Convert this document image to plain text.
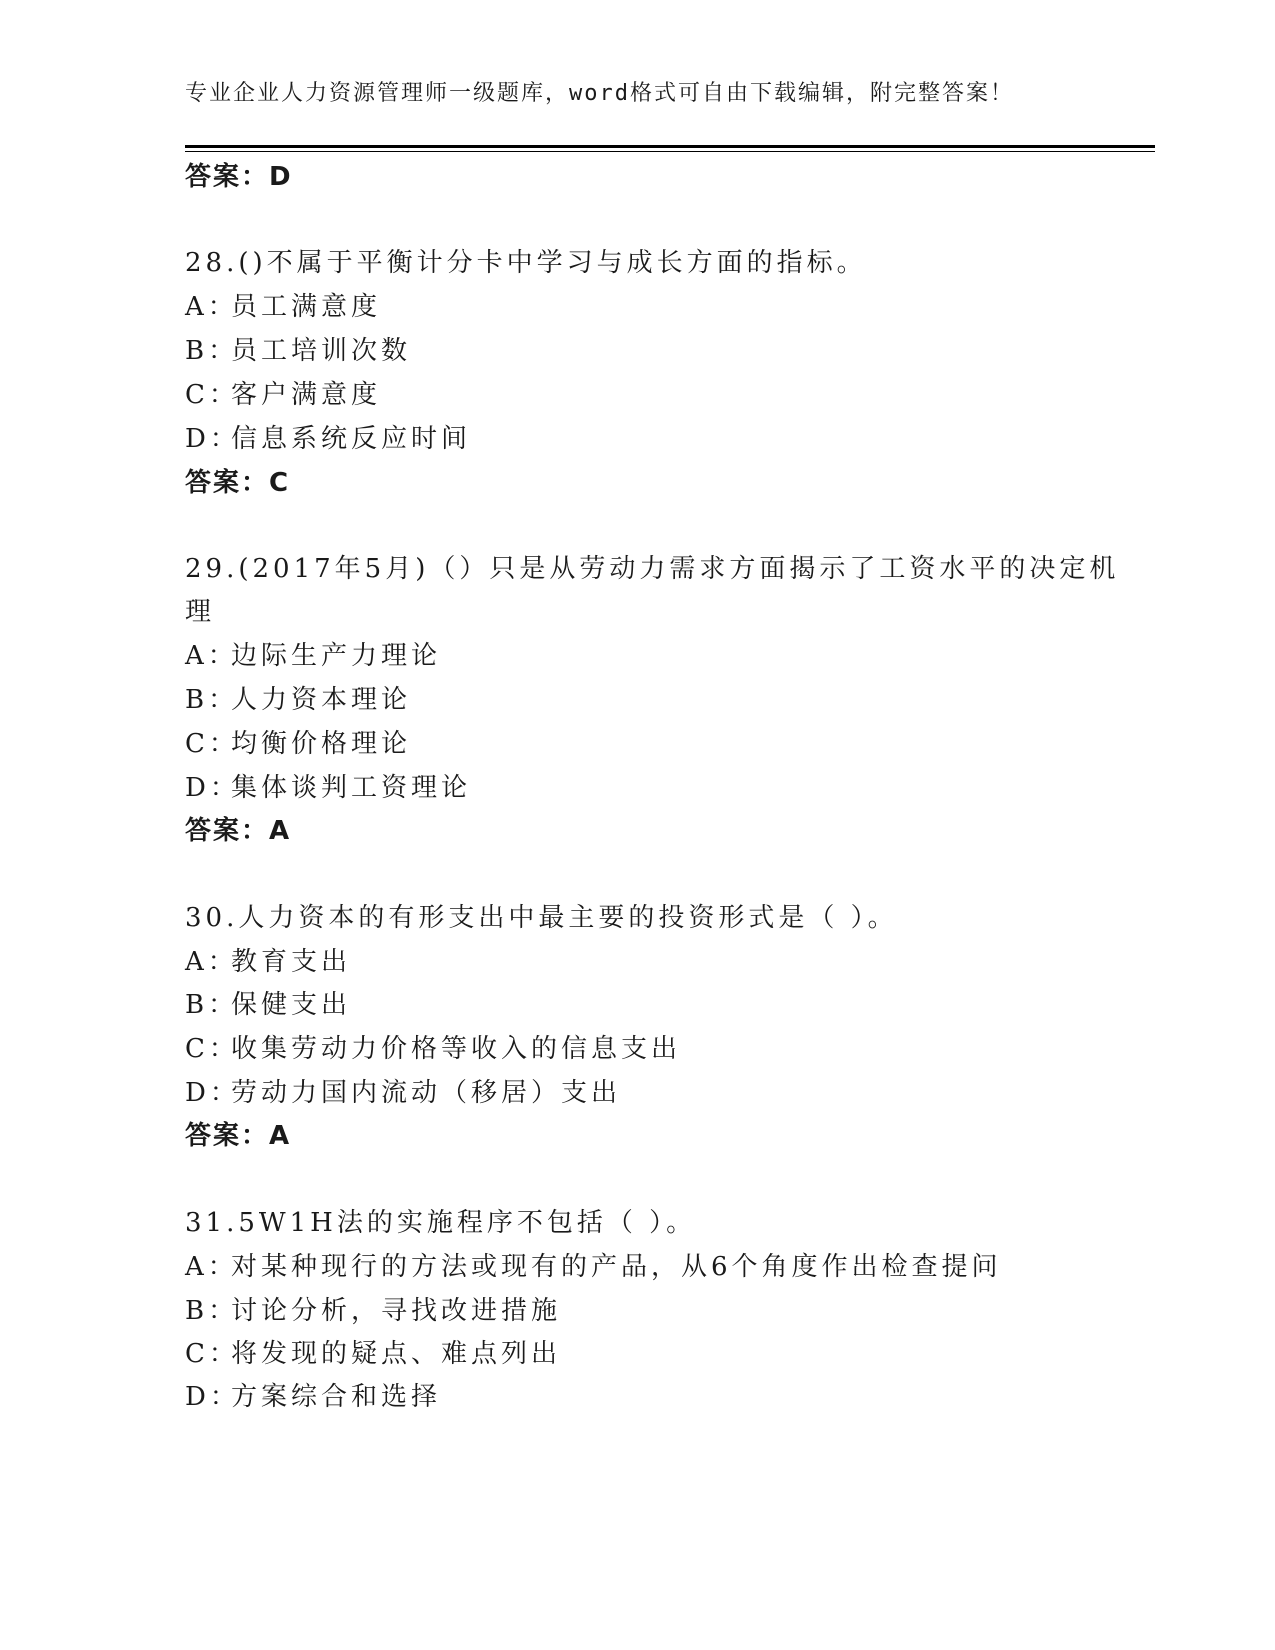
专业企业人力资源管理师一级题库，word格式可自由下载编辑，附完整答案！
答案：D
28.()不属于平衡计分卡中学习与成长方面的指标。
A：员工满意度
B：员工培训次数
C：客户满意度
D：信息系统反应时间
答案：C
29.(2017年5月)（）只是从劳动力需求方面揭示了工资水平的决定机
理
A：边际生产力理论
B：人力资本理论
C：均衡价格理论
D：集体谈判工资理论
答案：A
30.人力资本的有形支出中最主要的投资形式是（ ）。
A：教育支出
B：保健支出
C：收集劳动力价格等收入的信息支出
D：劳动力国内流动（移居）支出
答案：A
31.5W1H法的实施程序不包括（ ）。
A：对某种现行的方法或现有的产品，从6个角度作出检查提问
B：讨论分析，寻找改进措施
C：将发现的疑点、难点列出
D：方案综合和选择
